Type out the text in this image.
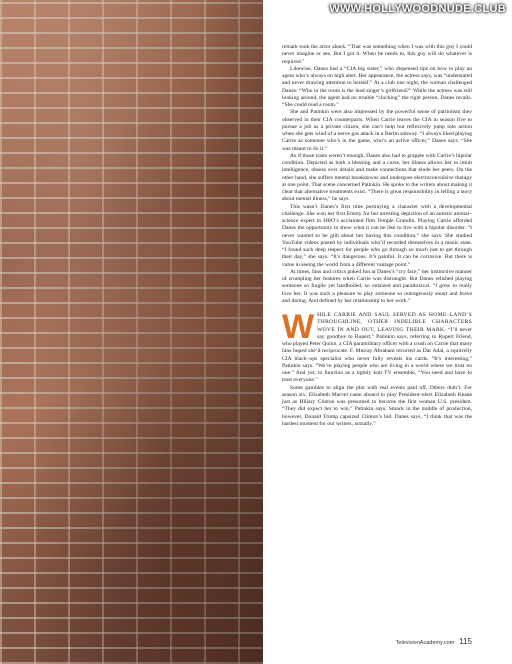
WWW.HOLLYWOODNUDE.CLUB

remark took the actor aback. “That was something when I was with this guy I could never imagine or see. But I got it. When he needs to, this guy will do whatever is required.”

Likewise, Danes had a “CIA big sister,” who dispensed tips on how to play an agent who’s always on high alert. Her appearance, the actress says, was “understated and never drawing attention to herself.” At a club one night, the woman challenged Danes: “Who in the room is the lead singer’s girlfriend?” While the actress was still looking around, the agent had no trouble “clocking” the right person, Danes recalls. “She could read a room.”

She and Patinkin were also impressed by the powerful sense of patriotism they observed in their CIA counterparts. When Carrie leaves the CIA in season five to pursue a job as a private citizen, she can’t help but reflexively jump into action when she gets wind of a nerve gas attack in a Berlin subway. “I always liked playing Carrie as someone who’s in the game, who’s an active officer,” Danes says. “She was meant to do it.”

As if those traits weren’t enough, Danes also had to grapple with Carrie’s bipolar condition. Depicted as both a blessing and a curse, her illness allows her to intuit intelligence, obsess over details and make connections that elude her peers. On the other hand, she suffers mental breakdowns and undergoes electroconvulsive therapy at one point. That scene concerned Patinkin. He spoke to the writers about making it clear that alternative treatments exist. “There is great responsibility in telling a story about mental illness,” he says.

This wasn’t Danes’s first time portraying a character with a developmental challenge. She won her first Emmy for her arresting depiction of an autistic animal–science expert in HBO’s acclaimed film Temple Grandin. Playing Carrie afforded Danes the opportunity to show what it can be like to live with a bipolar disorder. “I never wanted to be glib about her having this condition,” she says. She studied YouTube videos posted by individuals who’d recorded themselves in a manic state. “I found such deep respect for people who go through so much just to get through their day,” she says. “It’s dangerous. It’s painful. It can be corrosive. But there is value in seeing the world from a different vantage point.”

At times, fans and critics poked fun at Danes’s “cry face,” her instinctive manner of crumpling her features when Carrie was distraught. But Danes relished playing someone so fragile yet hardboiled, so outsized and paradoxical. “I grew to really love her. It was such a pleasure to play someone so outrageously smart and brave and daring. And defined by her relationship to her work.”

W HILE CARRIE AND SAUL SERVED AS HOME–LAND’S THROUGHLINE, OTHER INDELIBLE CHARACTERS WOVE IN AND OUT, LEAVING THEIR MARK. “I’ll never say goodbye to Rupert,” Patinkin says, referring to Rupert Friend, who played Peter Quinn, a CIA paramilitary officer with a crush on Carrie that many fans hoped she’d reciprocate. F. Murray Abraham recurred as Dar Adal, a squirrelly CIA black–ops specialist who never fully reveals his cards. “It’s interesting,” Patinkin says. “We’re playing people who are living in a world where we trust no one.” And yet, to function as a tightly knit TV ensemble, “You need and have to trust everyone.”

Some gambles to align the plot with real events paid off. Others didn’t. For season six, Elizabeth Marvel came aboard to play President–elect Elizabeth Keane just as Hillary Clinton was presumed to become the first woman U.S. president. “They did expect her to win,” Patinkin says. Smack in the middle of production, however, Donald Trump capsized Clinton’s bid. Danes says, “I think that was the hardest moment for our writers, actually.”

TelevisionAcademy.com 115
